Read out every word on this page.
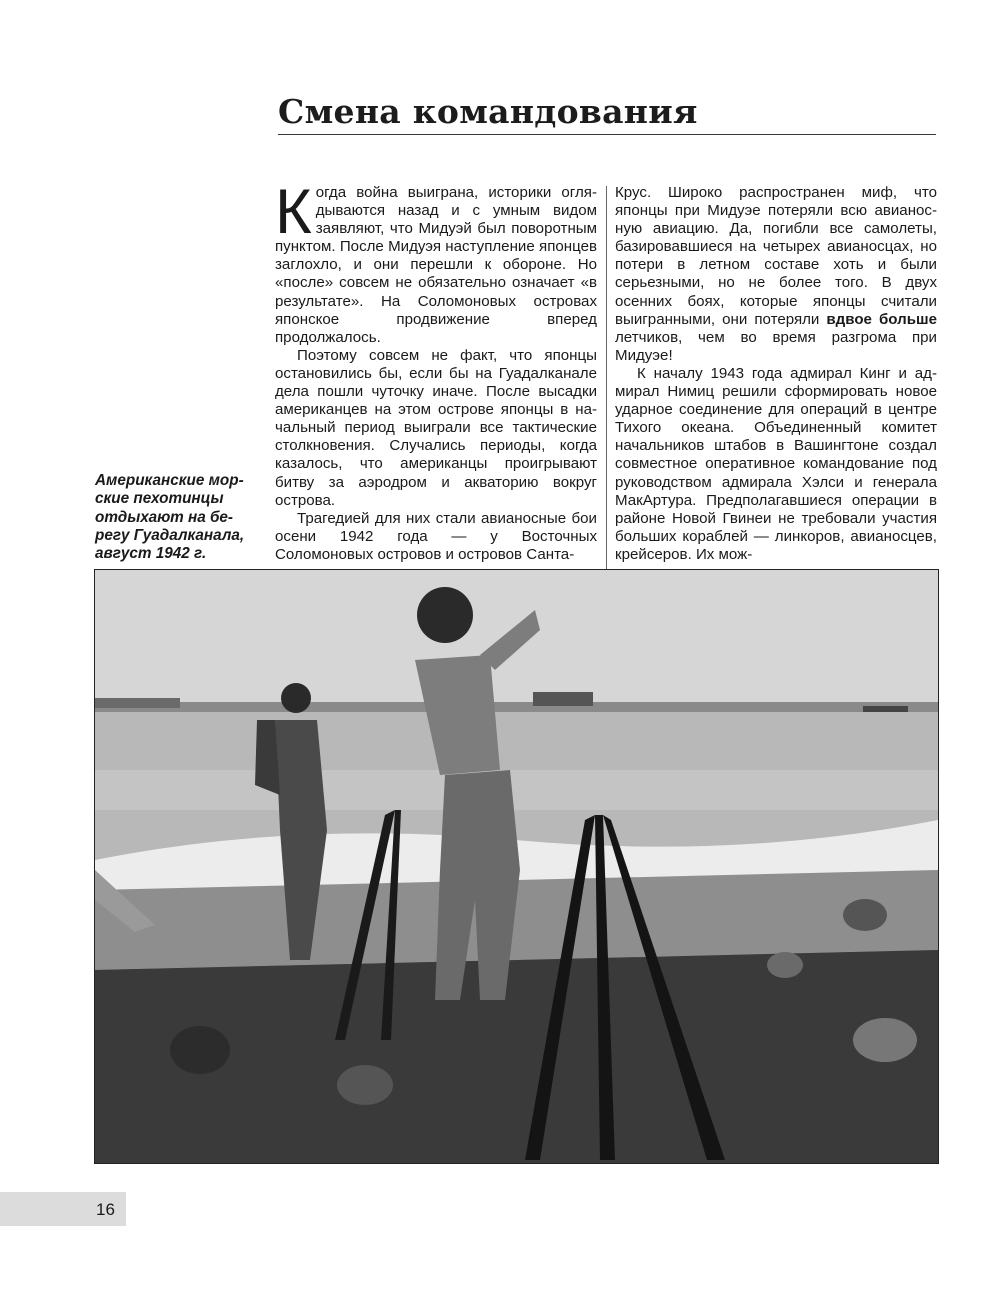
Смена командования

Когда война выиграна, историки оглядываются назад и с умным видом заявляют, что Мидуэй был поворотным пунктом. После Мидуэя наступление японцев заглохло, и они перешли к обороне. Но «после» совсем не обязательно означает «в результате». На Соломоновых островах японское продвижение вперед продолжалось.

Поэтому совсем не факт, что японцы остановились бы, если бы на Гуадалканале дела пошли чуточку иначе. После высадки американцев на этом острове японцы в начальный период выиграли все тактические столкновения. Случались периоды, когда казалось, что американцы проигрывают битву за аэродром и акваторию вокруг острова.

Трагедией для них стали авианосные бои осени 1942 года — у Восточных Соломоновых островов и островов Санта-

Крус. Широко распространен миф, что японцы при Мидуэе потеряли всю авианосную авиацию. Да, погибли все самолеты, базировавшиеся на четырех авианосцах, но потери в летном составе хоть и были серьезными, но не более того. В двух осенних боях, которые японцы считали выигранными, они потеряли вдвое больше летчиков, чем во время разгрома при Мидуэе!

К началу 1943 года адмирал Кинг и адмирал Нимиц решили сформировать новое ударное соединение для операций в центре Тихого океана. Объединенный комитет начальников штабов в Вашингтоне создал совместное оперативное командование под руководством адмирала Хэлси и генерала МакАртура. Предполагавшиеся операции в районе Новой Гвинеи не требовали участия больших кораблей — линкоров, авианосцев, крейсеров. Их мож-

Американские мор-
ские пехотинцы
отдыхают на бе-
регу Гуадалканала,
август 1942 г.
16
